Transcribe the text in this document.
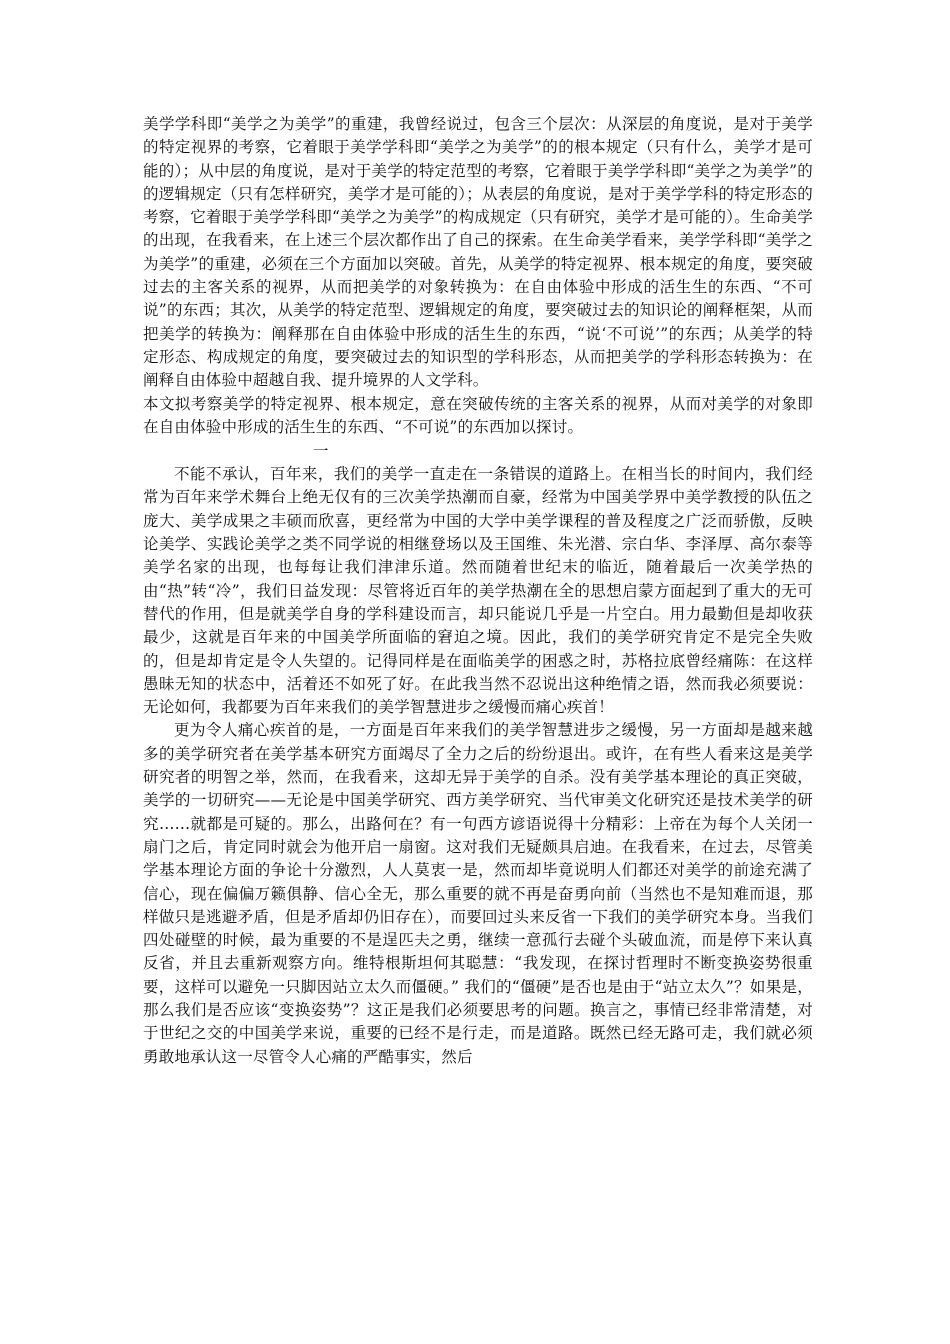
美学学科即“美学之为美学”的重建，我曾经说过，包含三个层次：从深层的角度说，是对于美学的特定视界的考察，它着眼于美学学科即“美学之为美学”的的根本规定（只有什么，美学才是可能的）；从中层的角度说，是对于美学的特定范型的考察，它着眼于美学学科即“美学之为美学”的的逻辑规定（只有怎样研究，美学才是可能的）；从表层的角度说，是对于美学学科的特定形态的考察，它着眼于美学学科即“美学之为美学”的构成规定（只有研究，美学才是可能的）。生命美学的出现，在我看来，在上述三个层次都作出了自己的探索。在生命美学看来，美学学科即“美学之为美学”的重建，必须在三个方面加以突破。首先，从美学的特定视界、根本规定的角度，要突破过去的主客关系的视界，从而把美学的对象转换为：在自由体验中形成的活生生的东西、“不可说”的东西；其次，从美学的特定范型、逻辑规定的角度，要突破过去的知识论的阐释框架，从而把美学的转换为：阐释那在自由体验中形成的活生生的东西，“说‘不可说’”的东西；从美学的特定形态、构成规定的角度，要突破过去的知识型的学科形态，从而把美学的学科形态转换为：在阐释自由体验中超越自我、提升境界的人文学科。

本文拟考察美学的特定视界、根本规定，意在突破传统的主客关系的视界，从而对美学的对象即在自由体验中形成的活生生的东西、“不可说”的东西加以探讨。

一

不能不承认，百年来，我们的美学一直走在一条错误的道路上。在相当长的时间内，我们经常为百年来学术舞台上绝无仅有的三次美学热潮而自豪，经常为中国美学界中美学教授的队伍之庞大、美学成果之丰硕而欣喜，更经常为中国的大学中美学课程的普及程度之广泛而骄傲，反映论美学、实践论美学之类不同学说的相继登场以及王国维、朱光潜、宗白华、李泽厚、高尔泰等美学名家的出现，也每每让我们津津乐道。然而随着世纪末的临近，随着最后一次美学热的由“热”转“冷”，我们日益发现：尽管将近百年的美学热潮在全的思想启蒙方面起到了重大的无可替代的作用，但是就美学自身的学科建设而言，却只能说几乎是一片空白。用力最勤但是却收获最少，这就是百年来的中国美学所面临的窘迫之境。因此，我们的美学研究肯定不是完全失败的，但是却肯定是令人失望的。记得同样是在面临美学的困惑之时，苏格拉底曾经痛陈：在这样愚昧无知的状态中，活着还不如死了好。在此我当然不忍说出这种绝情之语，然而我必须要说：无论如何，我都要为百年来我们的美学智慧进步之缓慢而痛心疾首！

更为令人痛心疾首的是，一方面是百年来我们的美学智慧进步之缓慢，另一方面却是越来越多的美学研究者在美学基本研究方面竭尽了全力之后的纷纷退出。或许，在有些人看来这是美学研究者的明智之举，然而，在我看来，这却无异于美学的自杀。没有美学基本理论的真正突破，美学的一切研究——无论是中国美学研究、西方美学研究、当代审美文化研究还是技术美学的研究……就都是可疑的。那么，出路何在？有一句西方谚语说得十分精彩：上帝在为每个人关闭一扇门之后，肯定同时就会为他开启一扇窗。这对我们无疑颇具启迪。在我看来，在过去，尽管美学基本理论方面的争论十分激烈，人人莫衷一是，然而却毕竟说明人们都还对美学的前途充满了信心，现在偏偏万籁俱静、信心全无，那么重要的就不再是奋勇向前（当然也不是知难而退，那样做只是逃避矛盾，但是矛盾却仍旧存在），而要回过头来反省一下我们的美学研究本身。当我们四处碰壁的时候，最为重要的不是逞匹夫之勇，继续一意孤行去碰个头破血流，而是停下来认真反省，并且去重新观察方向。维特根斯坦何其聪慧：“我发现，在探讨哲理时不断变换姿势很重要，这样可以避免一只脚因站立太久而僵硬。” 我们的“僵硬”是否也是由于“站立太久”？如果是，那么我们是否应该“变换姿势”？这正是我们必须要思考的问题。换言之，事情已经非常清楚，对于世纪之交的中国美学来说，重要的已经不是行走，而是道路。既然已经无路可走，我们就必须勇敢地承认这一尽管令人心痛的严酷事实，然后
